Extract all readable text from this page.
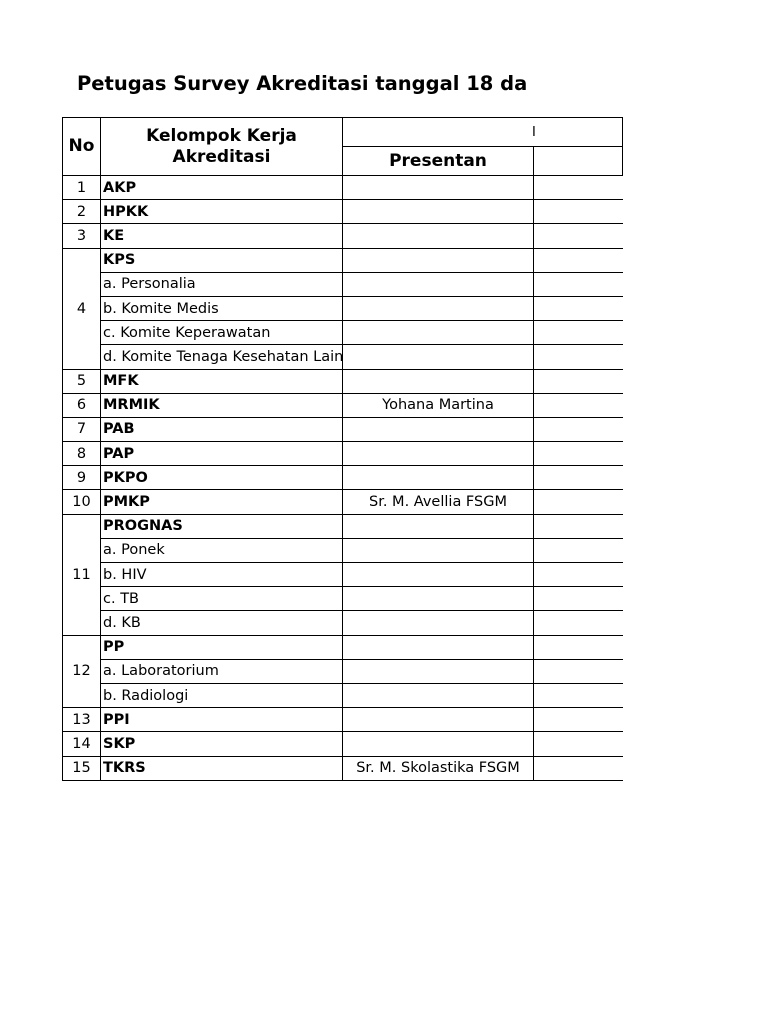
Petugas Survey Akreditasi tanggal 18 da
No	Kelompok Kerja Akreditasi	I	
		Presentan	
1	AKP		
2	HPKK		
3	KE		
4	KPS		
	a. Personalia		
	b. Komite Medis		
	c. Komite Keperawatan		
	d. Komite Tenaga Kesehatan Lain		
5	MFK		
6	MRMIK	Yohana Martina	
7	PAB		
8	PAP		
9	PKPO		
10	PMKP	Sr. M. Avellia FSGM	
11	PROGNAS		
	a. Ponek		
	b. HIV		
	c. TB		
	d. KB		
12	PP		
	a. Laboratorium		
	b. Radiologi		
13	PPI		
14	SKP		
15	TKRS	Sr. M. Skolastika FSGM	
